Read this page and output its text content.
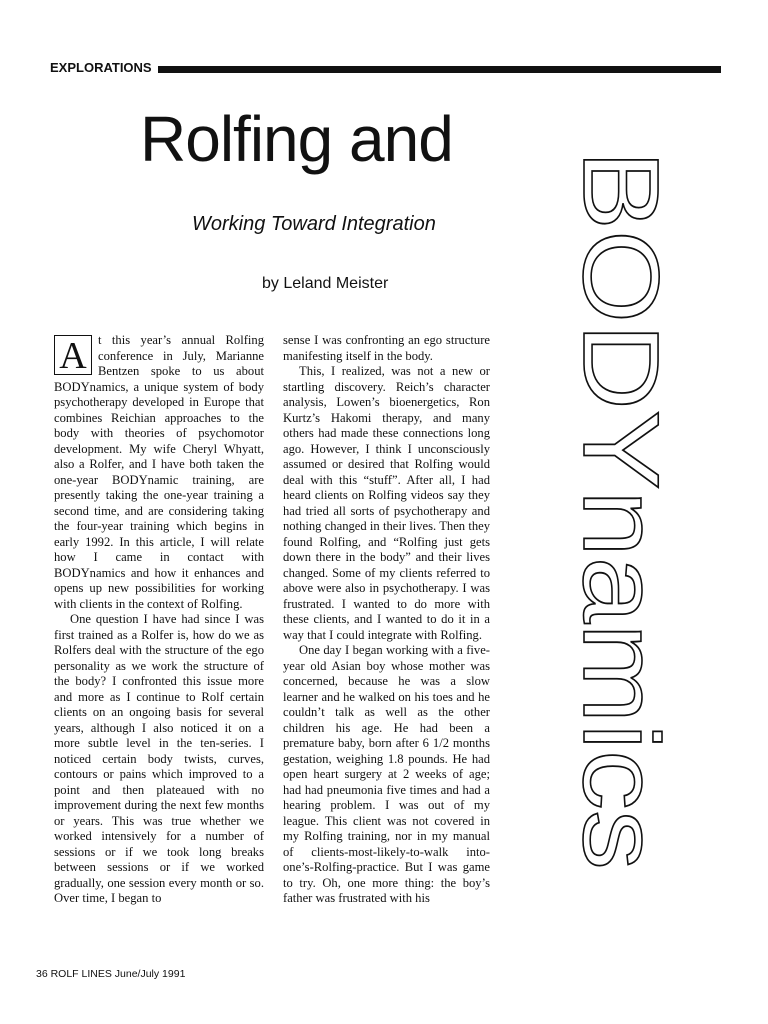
EXPLORATIONS
Rolfing and
Working Toward Integration
by Leland Meister BODYnamics

A t this year’s annual Rolfing conference in July, Marianne Bentzen spoke to us about BODYnamics, a unique system of body psychotherapy developed in Europe that combines Reichian approaches to the body with theories of psychomotor development. My wife Cheryl Whyatt, also a Rolfer, and I have both taken the one-year BODYnamic training, are presently taking the one-year training a second time, and are considering taking the four-year training which begins in early 1992. In this article, I will relate how I came in contact with BODYnamics and how it enhances and opens up new possibilities for working with clients in the context of Rolfing.

One question I have had since I was first trained as a Rolfer is, how do we as Rolfers deal with the structure of the ego personality as we work the structure of the body? I confronted this issue more and more as I continue to Rolf certain clients on an ongoing basis for several years, although I also noticed it on a more subtle level in the ten-series. I noticed certain body twists, curves, contours or pains which improved to a point and then plateaued with no improvement during the next few months or years. This was true whether we worked intensively for a number of sessions or if we took long breaks between sessions or if we worked gradually, one session every month or so. Over time, I began to

sense I was confronting an ego structure manifesting itself in the body.

This, I realized, was not a new or startling discovery. Reich’s character analysis, Lowen’s bioenergetics, Ron Kurtz’s Hakomi therapy, and many others had made these connections long ago. However, I think I unconsciously assumed or desired that Rolfing would deal with this “stuff”. After all, I had heard clients on Rolfing videos say they had tried all sorts of psychotherapy and nothing changed in their lives. Then they found Rolfing, and “Rolfing just gets down there in the body” and their lives changed. Some of my clients referred to above were also in psychotherapy. I was frustrated. I wanted to do more with these clients, and I wanted to do it in a way that I could integrate with Rolfing.

One day I began working with a five-year old Asian boy whose mother was concerned, because he was a slow learner and he walked on his toes and he couldn’t talk as well as the other children his age. He had been a premature baby, born after 6 1/2 months gestation, weighing 1.8 pounds. He had open heart surgery at 2 weeks of age; had had pneumonia five times and had a hearing problem. I was out of my league. This client was not covered in my Rolfing training, nor in my manual of clients-most-likely-to-walk into-one’s-Rolfing-practice. But I was game to try. Oh, one more thing: the boy’s father was frustrated with his

36 ROLF LINES June/July 1991
